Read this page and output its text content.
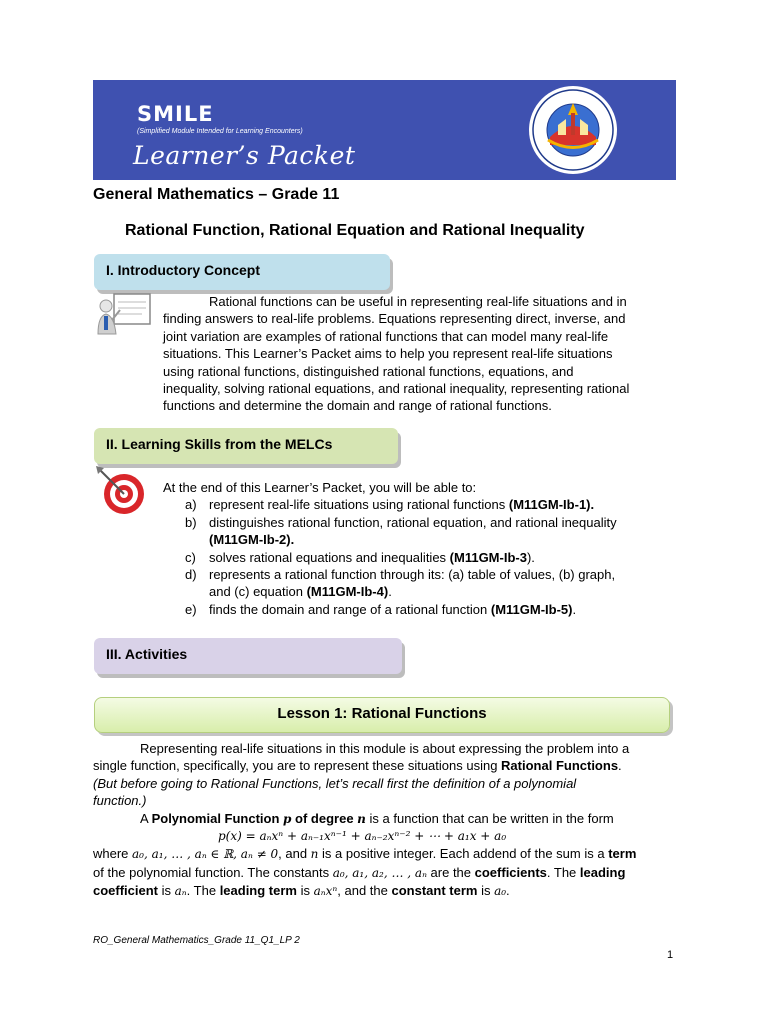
SMILE
(Simplified Module Intended for Learning Encounters)
Learner’s Packet
General Mathematics – Grade 11
Rational Function, Rational Equation and Rational Inequality
I. Introductory Concept
Rational functions can be useful in representing real-life situations and in
finding answers to real-life problems. Equations representing direct, inverse, and
joint variation are examples of rational functions that can model many real-life
situations. This Learner’s Packet aims to help you represent real-life situations
using rational functions, distinguished rational functions, equations, and
inequality, solving rational equations, and rational inequality, representing rational
functions and determine the domain and range of rational functions.
II. Learning Skills from the MELCs
At the end of this Learner’s Packet, you will be able to:
a) represent real-life situations using rational functions (M11GM-Ib-1).
b) distinguishes rational function, rational equation, and rational inequality
(M11GM-Ib-2).
c) solves rational equations and inequalities (M11GM-Ib-3).
d) represents a rational function through its: (a) table of values, (b) graph,
and (c) equation (M11GM-Ib-4).
e) finds the domain and range of a rational function (M11GM-Ib-5).
III. Activities
Lesson 1: Rational Functions
Representing real-life situations in this module is about expressing the problem into a
single function, specifically, you are to represent these situations using Rational Functions.
(But before going to Rational Functions, let’s recall first the definition of a polynomial
function.)
A Polynomial Function p of degree n is a function that can be written in the form
p(x) = aₙxⁿ + aₙ₋₁xⁿ⁻¹ + aₙ₋₂xⁿ⁻² + ⋯ + a₁x + a₀
where a₀, a₁, … , aₙ ∈ ℝ, aₙ ≠ 0, and n is a positive integer. Each addend of the sum is a term
of the polynomial function. The constants a₀, a₁, a₂, … , aₙ are the coefficients. The leading
coefficient is aₙ. The leading term is aₙxⁿ, and the constant term is a₀.
RO_General Mathematics_Grade 11_Q1_LP 2
1
